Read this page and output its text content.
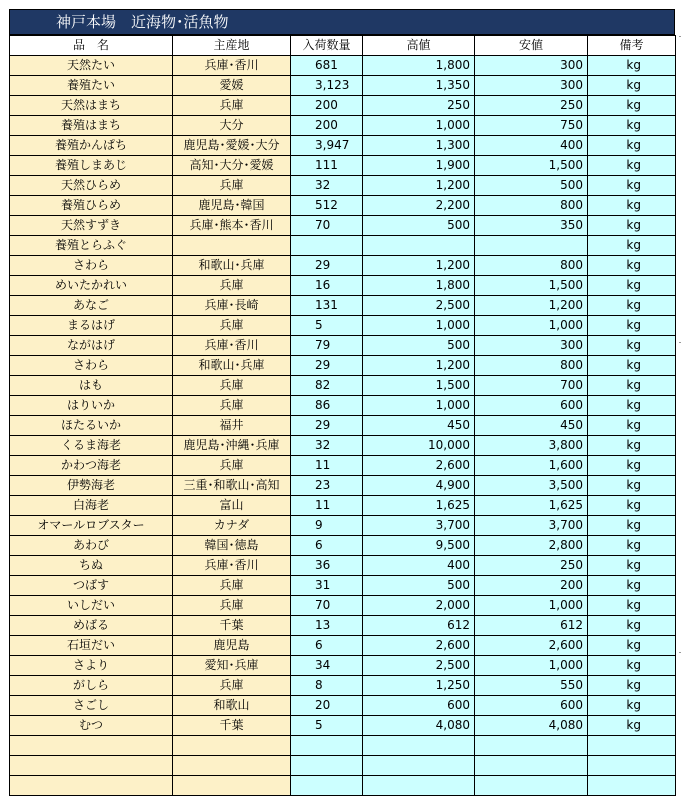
神戸本場　近海物･活魚物
品　名	主産地	入荷数量	高値	安値	備考
天然たい	兵庫･香川	681	1,800	300	kg
養殖たい	愛媛	3,123	1,350	300	kg
天然はまち	兵庫	200	250	250	kg
養殖はまち	大分	200	1,000	750	kg
養殖かんぱち	鹿児島･愛媛･大分	3,947	1,300	400	kg
養殖しまあじ	高知･大分･愛媛	111	1,900	1,500	kg
天然ひらめ	兵庫	32	1,200	500	kg
養殖ひらめ	鹿児島･韓国	512	2,200	800	kg
天然すずき	兵庫･熊本･香川	70	500	350	kg
養殖とらふぐ					kg
さわら	和歌山･兵庫	29	1,200	800	kg
めいたかれい	兵庫	16	1,800	1,500	kg
あなご	兵庫･長崎	131	2,500	1,200	kg
まるはげ	兵庫	5	1,000	1,000	kg
ながはげ	兵庫･香川	79	500	300	kg
さわら	和歌山･兵庫	29	1,200	800	kg
はも	兵庫	82	1,500	700	kg
はりいか	兵庫	86	1,000	600	kg
ほたるいか	福井	29	450	450	kg
くるま海老	鹿児島･沖縄･兵庫	32	10,000	3,800	kg
かわつ海老	兵庫	11	2,600	1,600	kg
伊勢海老	三重･和歌山･高知	23	4,900	3,500	kg
白海老	富山	11	1,625	1,625	kg
オマールロブスター	カナダ	9	3,700	3,700	kg
あわび	韓国･徳島	6	9,500	2,800	kg
ちぬ	兵庫･香川	36	400	250	kg
つばす	兵庫	31	500	200	kg
いしだい	兵庫	70	2,000	1,000	kg
めばる	千葉	13	612	612	kg
石垣だい	鹿児島	6	2,600	2,600	kg
さより	愛知･兵庫	34	2,500	1,000	kg
がしら	兵庫	8	1,250	550	kg
さごし	和歌山	20	600	600	kg
むつ	千葉	5	4,080	4,080	kg
